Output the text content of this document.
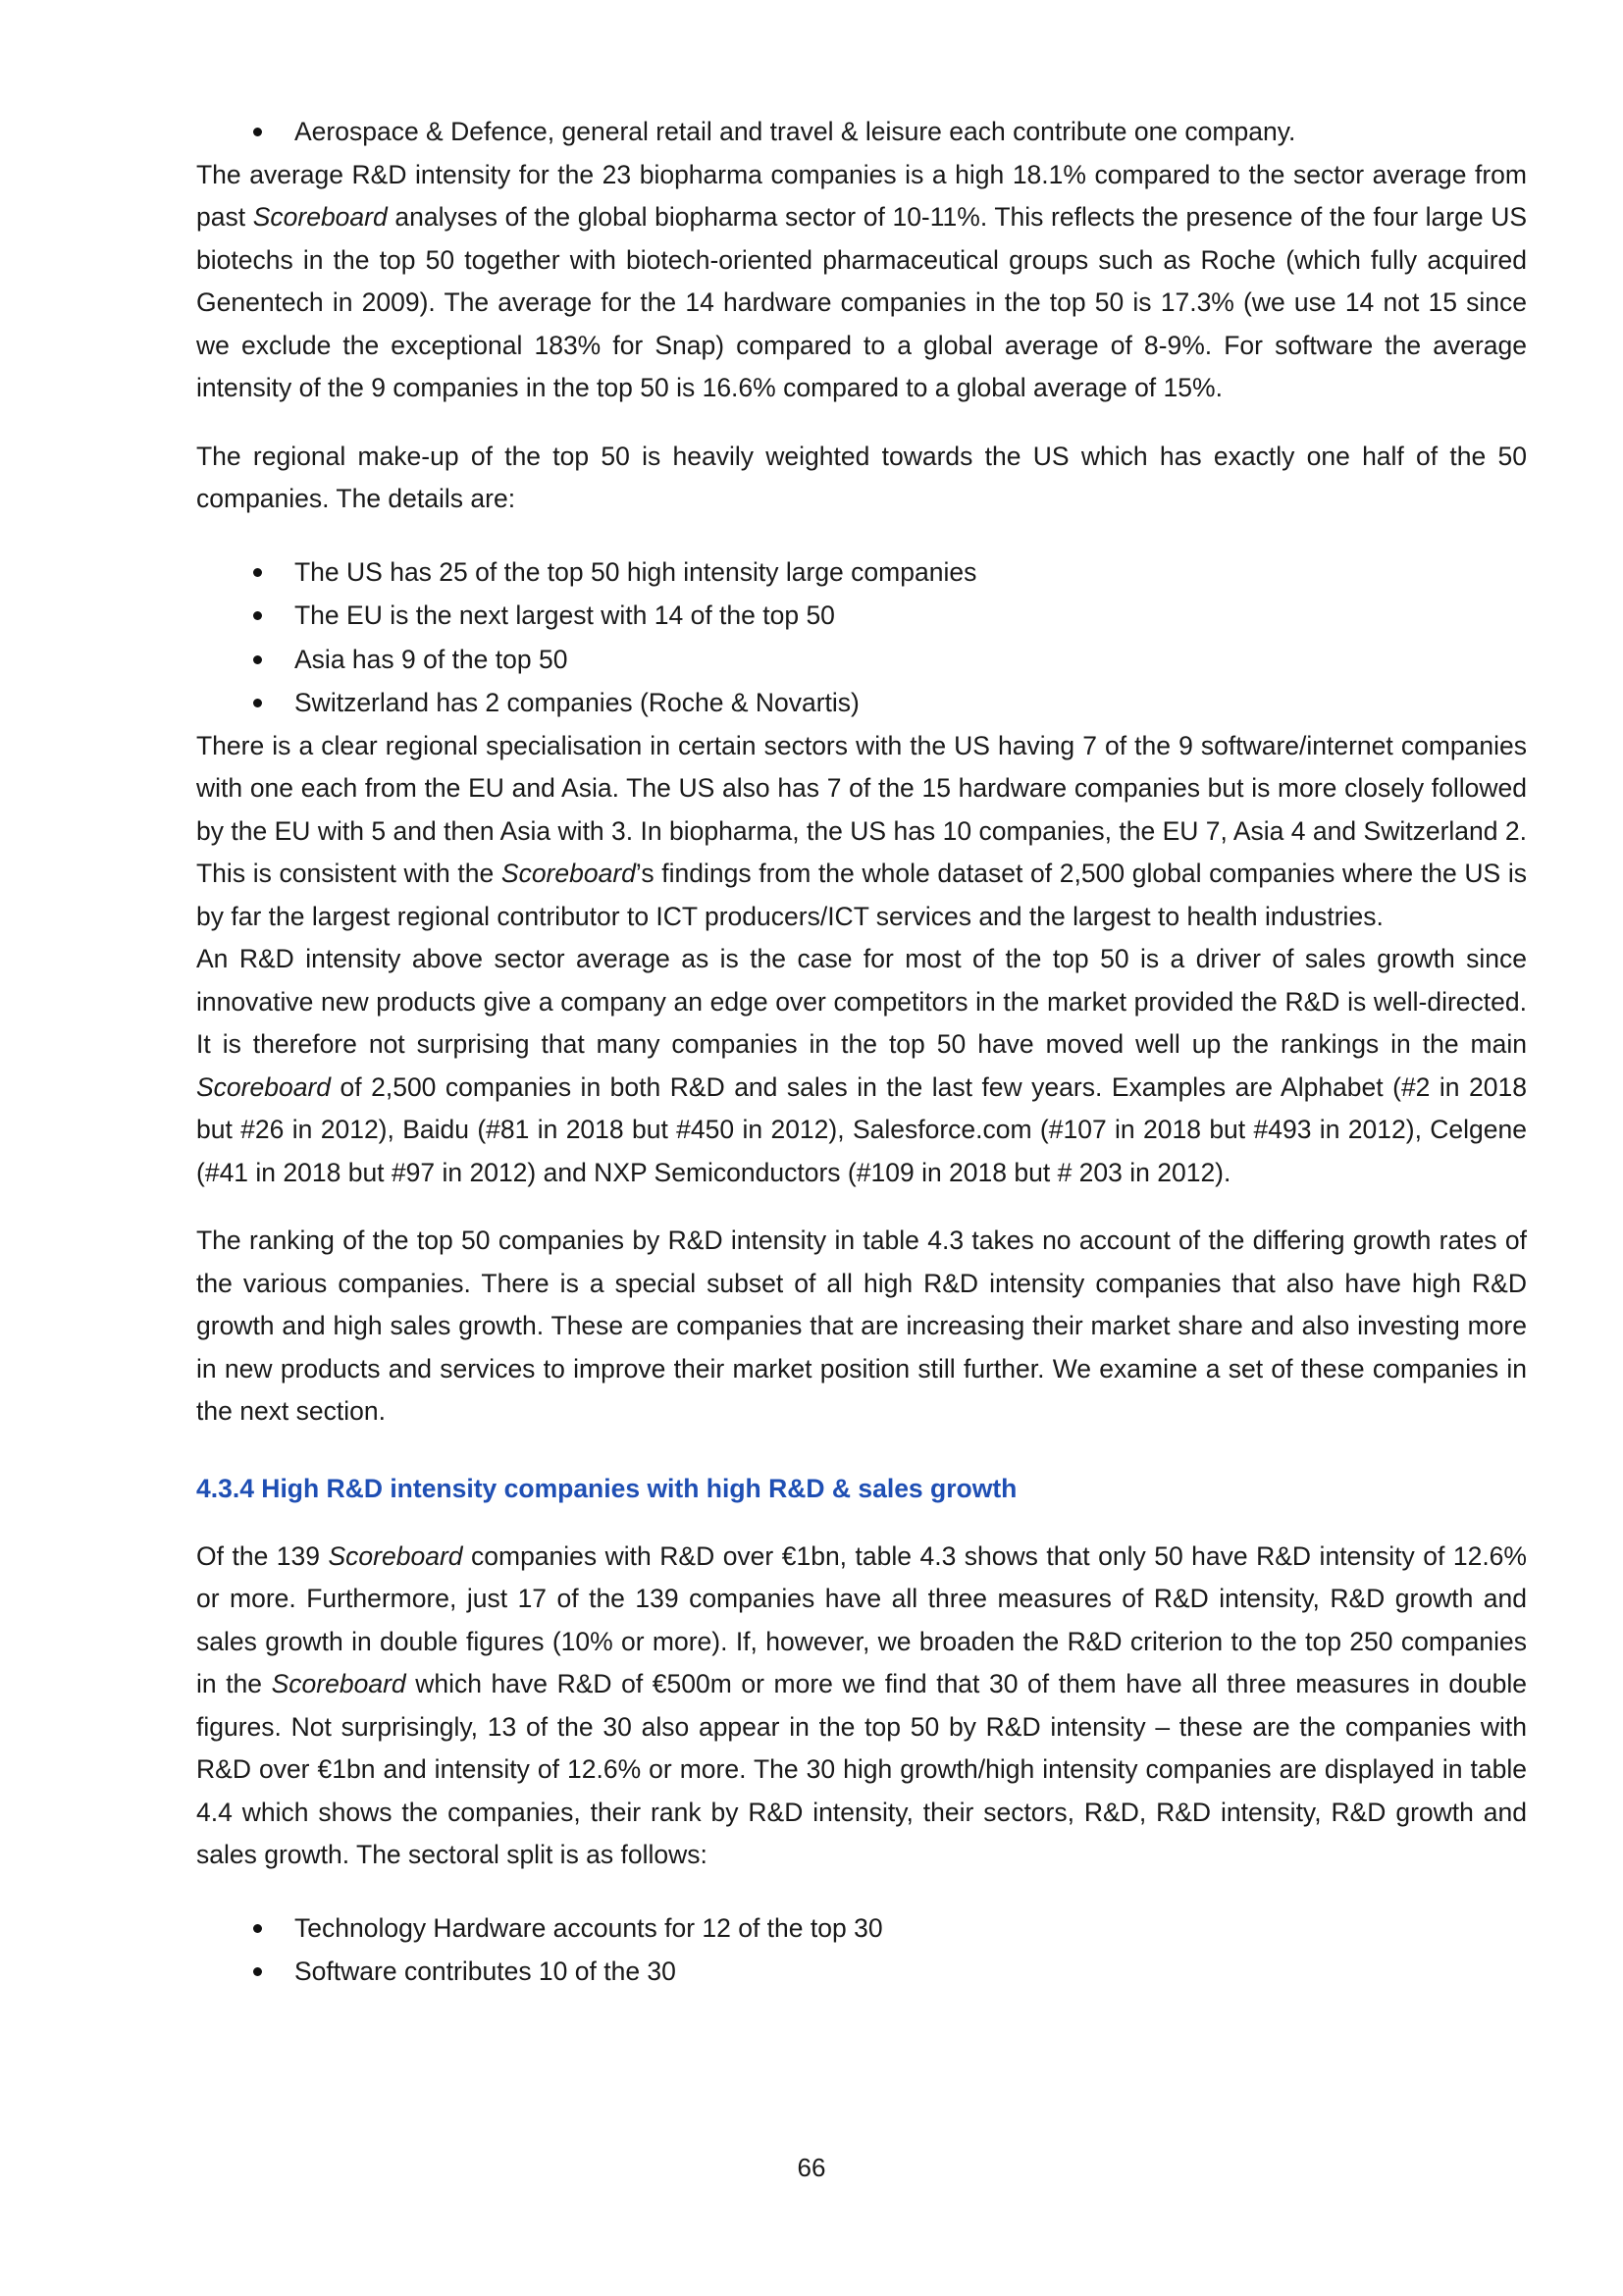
Aerospace & Defence, general retail and travel & leisure each contribute one company.

The average R&D intensity for the 23 biopharma companies is a high 18.1% compared to the sector average from past Scoreboard analyses of the global biopharma sector of 10-11%. This reflects the presence of the four large US biotechs in the top 50 together with biotech-oriented pharmaceutical groups such as Roche (which fully acquired Genentech in 2009). The average for the 14 hardware companies in the top 50 is 17.3% (we use 14 not 15 since we exclude the exceptional 183% for Snap) compared to a global average of 8-9%. For software the average intensity of the 9 companies in the top 50 is 16.6% compared to a global average of 15%.

The regional make-up of the top 50 is heavily weighted towards the US which has exactly one half of the 50 companies. The details are:

The US has 25 of the top 50 high intensity large companies
The EU is the next largest with 14 of the top 50
Asia has 9 of the top 50
Switzerland has 2 companies (Roche & Novartis)

There is a clear regional specialisation in certain sectors with the US having 7 of the 9 software/internet companies with one each from the EU and Asia. The US also has 7 of the 15 hardware companies but is more closely followed by the EU with 5 and then Asia with 3. In biopharma, the US has 10 companies, the EU 7, Asia 4 and Switzerland 2. This is consistent with the Scoreboard’s findings from the whole dataset of 2,500 global companies where the US is by far the largest regional contributor to ICT producers/ICT services and the largest to health industries.

An R&D intensity above sector average as is the case for most of the top 50 is a driver of sales growth since innovative new products give a company an edge over competitors in the market provided the R&D is well-directed. It is therefore not surprising that many companies in the top 50 have moved well up the rankings in the main Scoreboard of 2,500 companies in both R&D and sales in the last few years. Examples are Alphabet (#2 in 2018 but #26 in 2012), Baidu (#81 in 2018 but #450 in 2012), Salesforce.com (#107 in 2018 but #493 in 2012), Celgene (#41 in 2018 but #97 in 2012) and NXP Semiconductors (#109 in 2018 but # 203 in 2012).

The ranking of the top 50 companies by R&D intensity in table 4.3 takes no account of the differing growth rates of the various companies. There is a special subset of all high R&D intensity companies that also have high R&D growth and high sales growth. These are companies that are increasing their market share and also investing more in new products and services to improve their market position still further. We examine a set of these companies in the next section.

4.3.4 High R&D intensity companies with high R&D & sales growth

Of the 139 Scoreboard companies with R&D over €1bn, table 4.3 shows that only 50 have R&D intensity of 12.6% or more. Furthermore, just 17 of the 139 companies have all three measures of R&D intensity, R&D growth and sales growth in double figures (10% or more). If, however, we broaden the R&D criterion to the top 250 companies in the Scoreboard which have R&D of €500m or more we find that 30 of them have all three measures in double figures. Not surprisingly, 13 of the 30 also appear in the top 50 by R&D intensity – these are the companies with R&D over €1bn and intensity of 12.6% or more. The 30 high growth/high intensity companies are displayed in table 4.4 which shows the companies, their rank by R&D intensity, their sectors, R&D, R&D intensity, R&D growth and sales growth. The sectoral split is as follows:

Technology Hardware accounts for 12 of the top 30
Software contributes 10 of the 30
66
